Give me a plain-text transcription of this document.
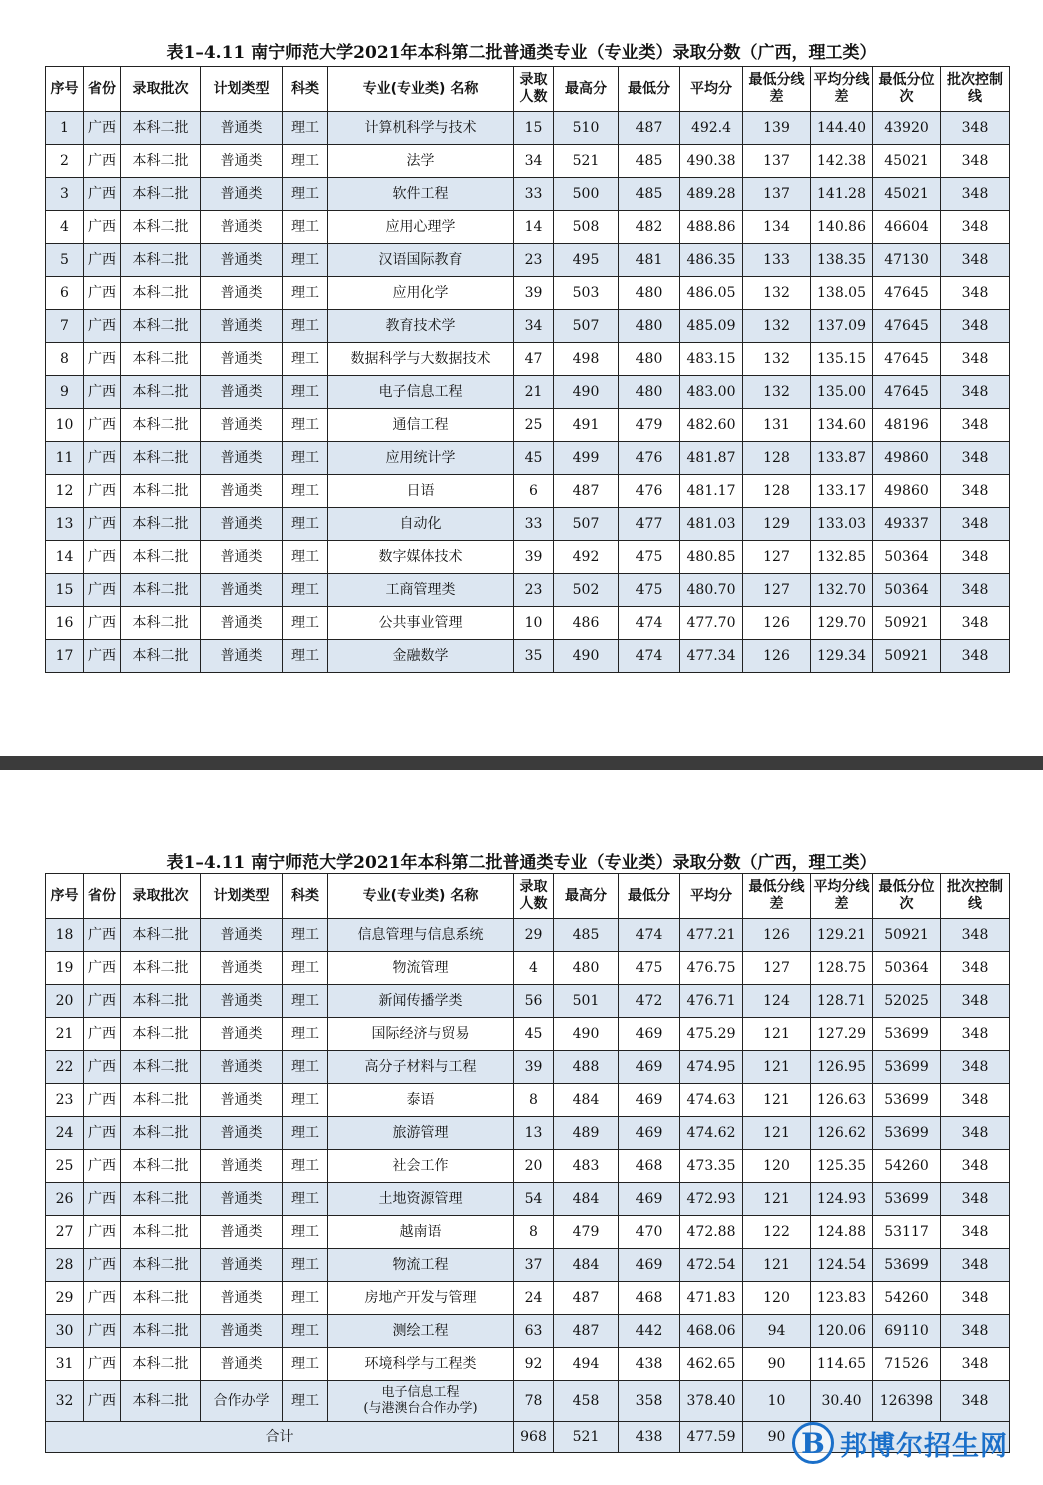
表1–4.11 南宁师范大学2021年本科第二批普通类专业（专业类）录取分数（广西，理工类）
序号	省份	录取批次	计划类型	科类	专业(专业类) 名称	录取人数	最高分	最低分	平均分	最低分线差	平均分线差	最低分位次	批次控制线
1	广西	本科二批	普通类	理工	计算机科学与技术	15	510	487	492.4	139	144.40	43920	348
2	广西	本科二批	普通类	理工	法学	34	521	485	490.38	137	142.38	45021	348
3	广西	本科二批	普通类	理工	软件工程	33	500	485	489.28	137	141.28	45021	348
4	广西	本科二批	普通类	理工	应用心理学	14	508	482	488.86	134	140.86	46604	348
5	广西	本科二批	普通类	理工	汉语国际教育	23	495	481	486.35	133	138.35	47130	348
6	广西	本科二批	普通类	理工	应用化学	39	503	480	486.05	132	138.05	47645	348
7	广西	本科二批	普通类	理工	教育技术学	34	507	480	485.09	132	137.09	47645	348
8	广西	本科二批	普通类	理工	数据科学与大数据技术	47	498	480	483.15	132	135.15	47645	348
9	广西	本科二批	普通类	理工	电子信息工程	21	490	480	483.00	132	135.00	47645	348
10	广西	本科二批	普通类	理工	通信工程	25	491	479	482.60	131	134.60	48196	348
11	广西	本科二批	普通类	理工	应用统计学	45	499	476	481.87	128	133.87	49860	348
12	广西	本科二批	普通类	理工	日语	6	487	476	481.17	128	133.17	49860	348
13	广西	本科二批	普通类	理工	自动化	33	507	477	481.03	129	133.03	49337	348
14	广西	本科二批	普通类	理工	数字媒体技术	39	492	475	480.85	127	132.85	50364	348
15	广西	本科二批	普通类	理工	工商管理类	23	502	475	480.70	127	132.70	50364	348
16	广西	本科二批	普通类	理工	公共事业管理	10	486	474	477.70	126	129.70	50921	348
17	广西	本科二批	普通类	理工	金融数学	35	490	474	477.34	126	129.34	50921	348
表1–4.11 南宁师范大学2021年本科第二批普通类专业（专业类）录取分数（广西，理工类）
序号	省份	录取批次	计划类型	科类	专业(专业类) 名称	录取人数	最高分	最低分	平均分	最低分线差	平均分线差	最低分位次	批次控制线
18	广西	本科二批	普通类	理工	信息管理与信息系统	29	485	474	477.21	126	129.21	50921	348
19	广西	本科二批	普通类	理工	物流管理	4	480	475	476.75	127	128.75	50364	348
20	广西	本科二批	普通类	理工	新闻传播学类	56	501	472	476.71	124	128.71	52025	348
21	广西	本科二批	普通类	理工	国际经济与贸易	45	490	469	475.29	121	127.29	53699	348
22	广西	本科二批	普通类	理工	高分子材料与工程	39	488	469	474.95	121	126.95	53699	348
23	广西	本科二批	普通类	理工	泰语	8	484	469	474.63	121	126.63	53699	348
24	广西	本科二批	普通类	理工	旅游管理	13	489	469	474.62	121	126.62	53699	348
25	广西	本科二批	普通类	理工	社会工作	20	483	468	473.35	120	125.35	54260	348
26	广西	本科二批	普通类	理工	土地资源管理	54	484	469	472.93	121	124.93	53699	348
27	广西	本科二批	普通类	理工	越南语	8	479	470	472.88	122	124.88	53117	348
28	广西	本科二批	普通类	理工	物流工程	37	484	469	472.54	121	124.54	53699	348
29	广西	本科二批	普通类	理工	房地产开发与管理	24	487	468	471.83	120	123.83	54260	348
30	广西	本科二批	普通类	理工	测绘工程	63	487	442	468.06	94	120.06	69110	348
31	广西	本科二批	普通类	理工	环境科学与工程类	92	494	438	462.65	90	114.65	71526	348
32	广西	本科二批	合作办学	理工	电子信息工程
(与港澳台合作办学)	78	458	358	378.40	10	30.40	126398	348
合计						968	521	438	477.59	90			B 邦博尔招生网
